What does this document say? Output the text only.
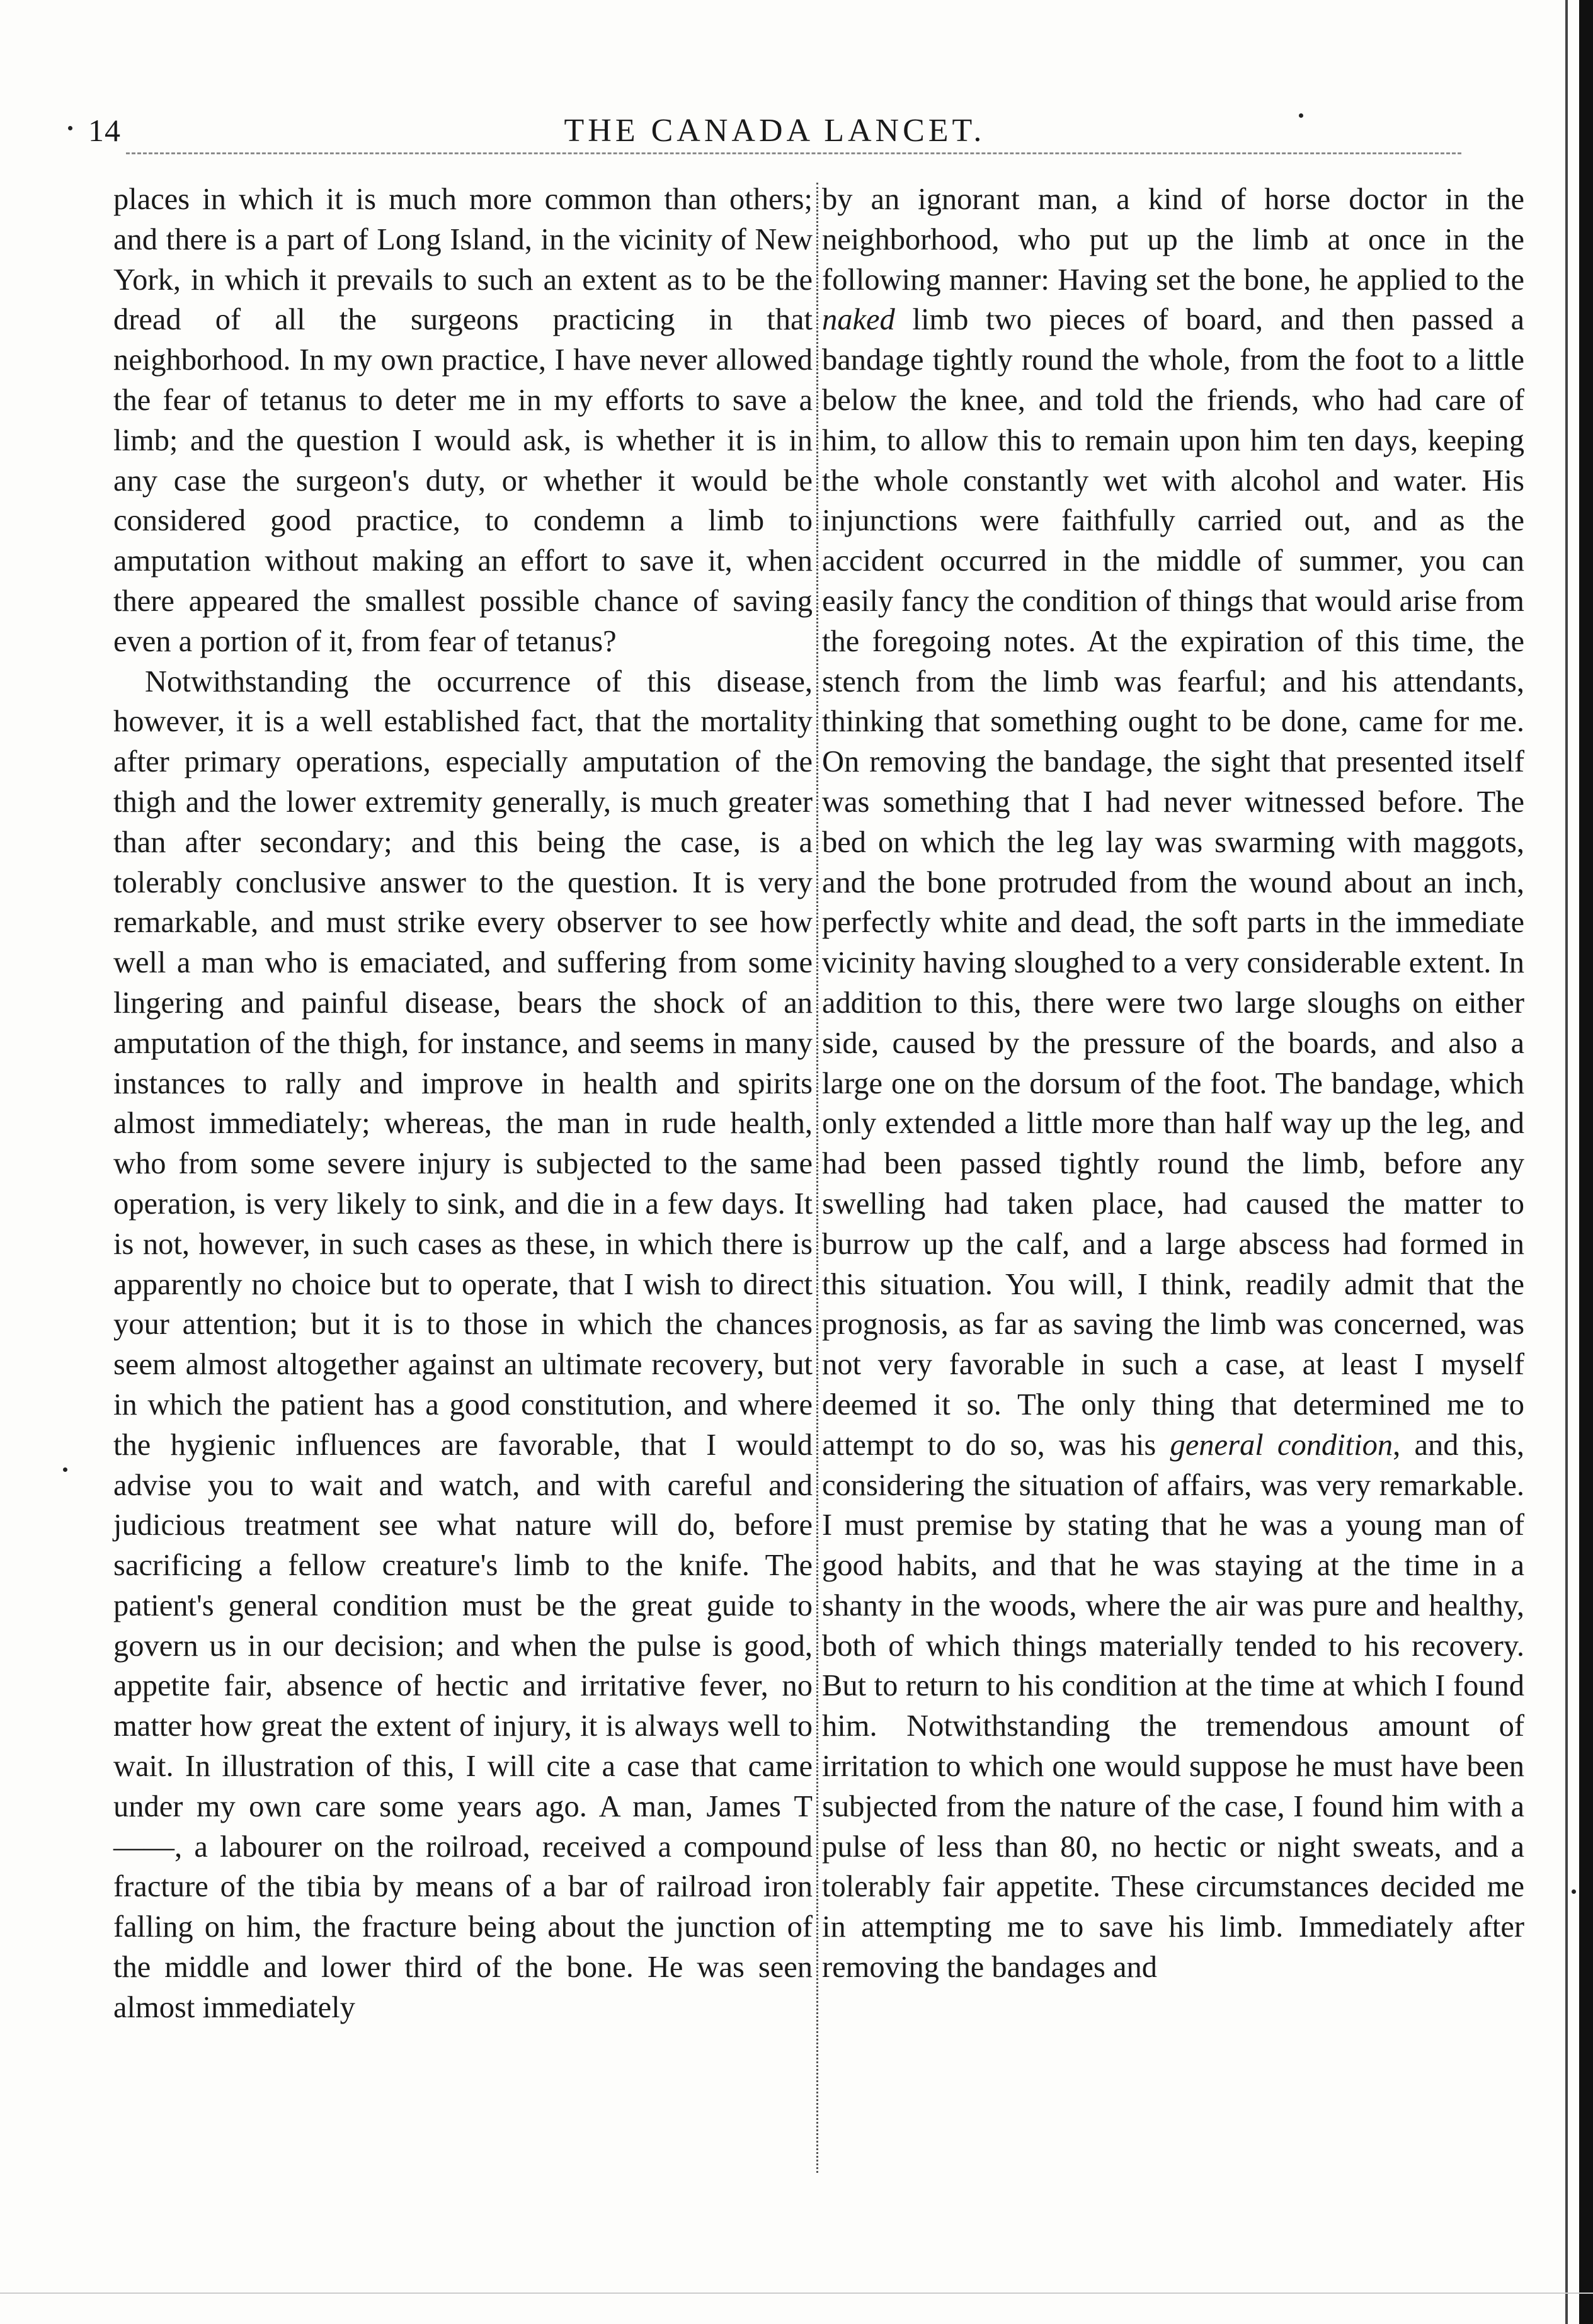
14	THE CANADA LANCET.

places in which it is much more common than others; and there is a part of Long Island, in the vicinity of New York, in which it prevails to such an extent as to be the dread of all the surgeons practicing in that neighborhood. In my own practice, I have never allowed the fear of tetanus to deter me in my efforts to save a limb; and the question I would ask, is whether it is in any case the surgeon's duty, or whether it would be considered good practice, to condemn a limb to amputation without making an effort to save it, when there appeared the smallest possible chance of saving even a portion of it, from fear of tetanus?

Notwithstanding the occurrence of this disease, however, it is a well established fact, that the mortality after primary operations, especially amputation of the thigh and the lower extremity generally, is much greater than after secondary; and this being the case, is a tolerably conclusive answer to the question. It is very remarkable, and must strike every observer to see how well a man who is emaciated, and suffering from some lingering and painful disease, bears the shock of an amputation of the thigh, for instance, and seems in many instances to rally and improve in health and spirits almost immediately; whereas, the man in rude health, who from some severe injury is subjected to the same operation, is very likely to sink, and die in a few days. It is not, however, in such cases as these, in which there is apparently no choice but to operate, that I wish to direct your attention; but it is to those in which the chances seem almost altogether against an ultimate recovery, but in which the patient has a good constitution, and where the hygienic influences are favorable, that I would advise you to wait and watch, and with careful and judicious treatment see what nature will do, before sacrificing a fellow creature's limb to the knife. The patient's general condition must be the great guide to govern us in our decision; and when the pulse is good, appetite fair, absence of hectic and irritative fever, no matter how great the extent of injury, it is always well to wait. In illustration of this, I will cite a case that came under my own care some years ago. A man, James T——, a labourer on the roilroad, received a compound fracture of the tibia by means of a bar of railroad iron falling on him, the fracture being about the junction of the middle and lower third of the bone. He was seen almost immediately

by an ignorant man, a kind of horse doctor in the neighborhood, who put up the limb at once in the following manner: Having set the bone, he applied to the naked limb two pieces of board, and then passed a bandage tightly round the whole, from the foot to a little below the knee, and told the friends, who had care of him, to allow this to remain upon him ten days, keeping the whole constantly wet with alcohol and water. His injunctions were faithfully carried out, and as the accident occurred in the middle of summer, you can easily fancy the condition of things that would arise from the foregoing notes. At the expiration of this time, the stench from the limb was fearful; and his attendants, thinking that something ought to be done, came for me. On removing the bandage, the sight that presented itself was something that I had never witnessed before. The bed on which the leg lay was swarming with maggots, and the bone protruded from the wound about an inch, perfectly white and dead, the soft parts in the immediate vicinity having sloughed to a very considerable extent. In addition to this, there were two large sloughs on either side, caused by the pressure of the boards, and also a large one on the dorsum of the foot. The bandage, which only extended a little more than half way up the leg, and had been passed tightly round the limb, before any swelling had taken place, had caused the matter to burrow up the calf, and a large abscess had formed in this situation. You will, I think, readily admit that the prognosis, as far as saving the limb was concerned, was not very favorable in such a case, at least I myself deemed it so. The only thing that determined me to attempt to do so, was his general condition, and this, considering the situation of affairs, was very remarkable. I must premise by stating that he was a young man of good habits, and that he was staying at the time in a shanty in the woods, where the air was pure and healthy, both of which things materially tended to his recovery. But to return to his condition at the time at which I found him. Notwithstanding the tremendous amount of irritation to which one would suppose he must have been subjected from the nature of the case, I found him with a pulse of less than 80, no hectic or night sweats, and a tolerably fair appetite. These circumstances decided me in attempting me to save his limb. Immediately after removing the bandages and
